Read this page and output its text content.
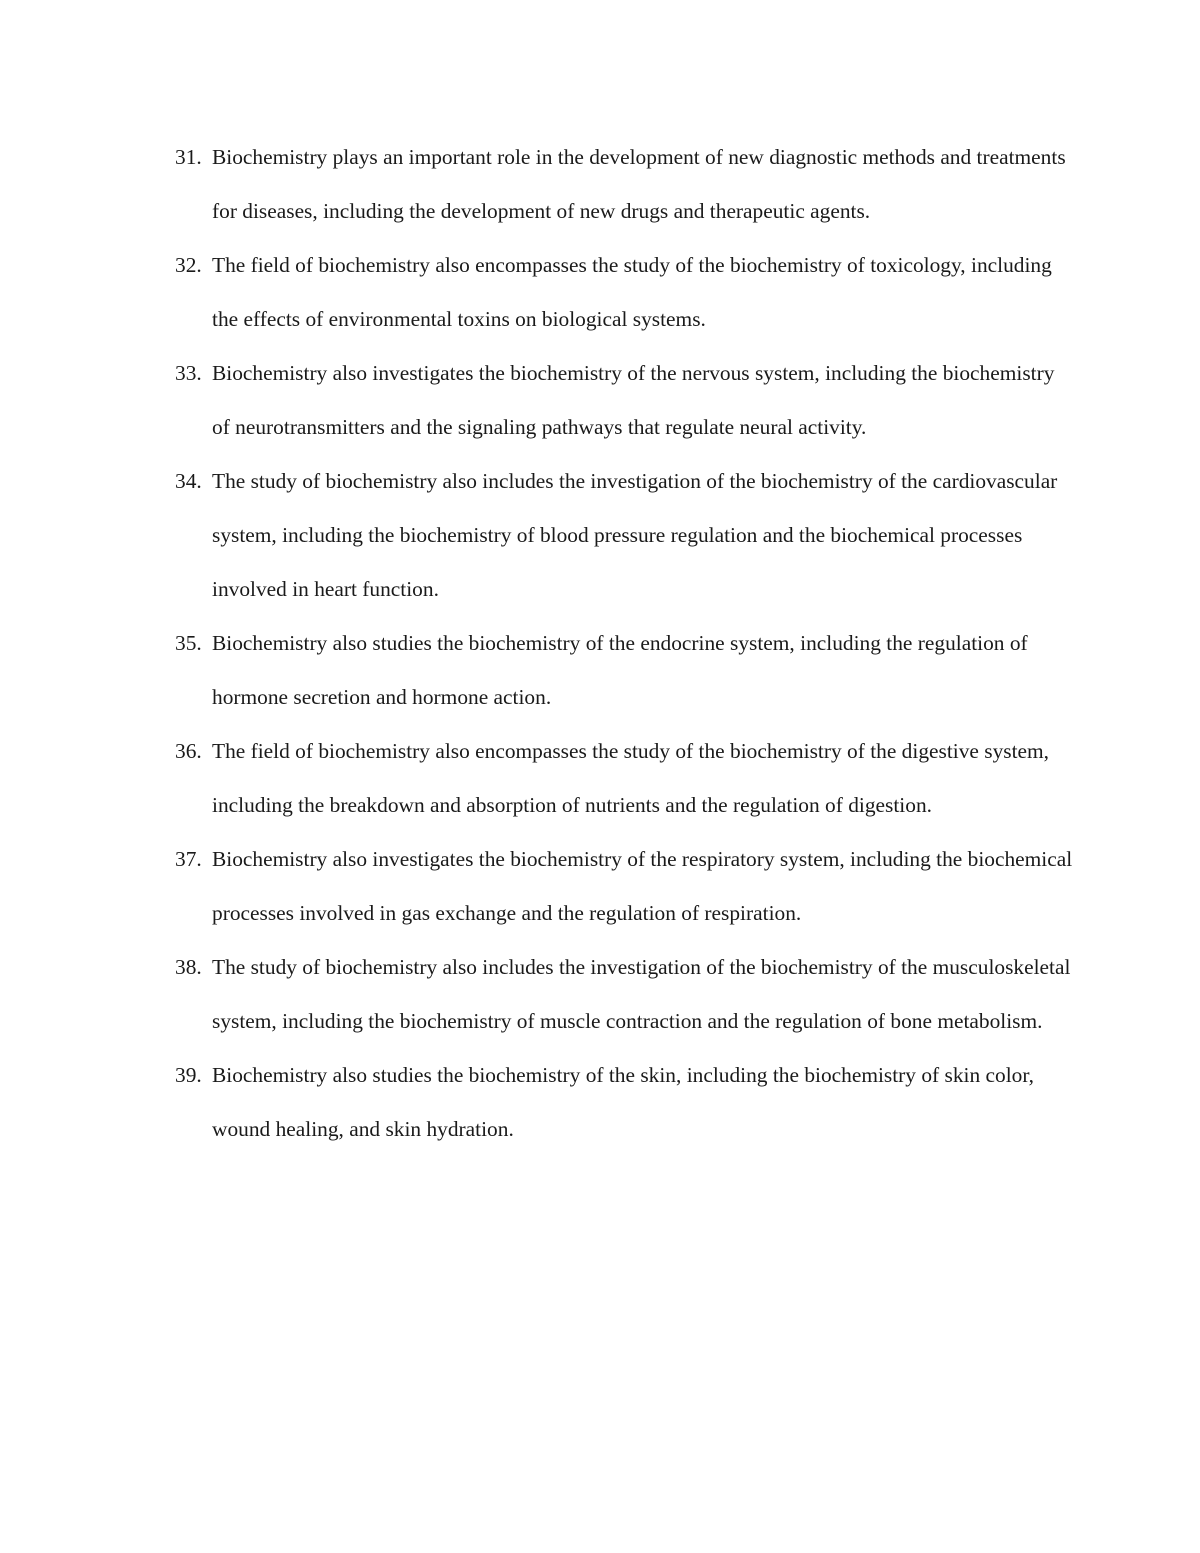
31. Biochemistry plays an important role in the development of new diagnostic methods and treatments for diseases, including the development of new drugs and therapeutic agents.
32. The field of biochemistry also encompasses the study of the biochemistry of toxicology, including the effects of environmental toxins on biological systems.
33. Biochemistry also investigates the biochemistry of the nervous system, including the biochemistry of neurotransmitters and the signaling pathways that regulate neural activity.
34. The study of biochemistry also includes the investigation of the biochemistry of the cardiovascular system, including the biochemistry of blood pressure regulation and the biochemical processes involved in heart function.
35. Biochemistry also studies the biochemistry of the endocrine system, including the regulation of hormone secretion and hormone action.
36. The field of biochemistry also encompasses the study of the biochemistry of the digestive system, including the breakdown and absorption of nutrients and the regulation of digestion.
37. Biochemistry also investigates the biochemistry of the respiratory system, including the biochemical processes involved in gas exchange and the regulation of respiration.
38. The study of biochemistry also includes the investigation of the biochemistry of the musculoskeletal system, including the biochemistry of muscle contraction and the regulation of bone metabolism.
39. Biochemistry also studies the biochemistry of the skin, including the biochemistry of skin color, wound healing, and skin hydration.
